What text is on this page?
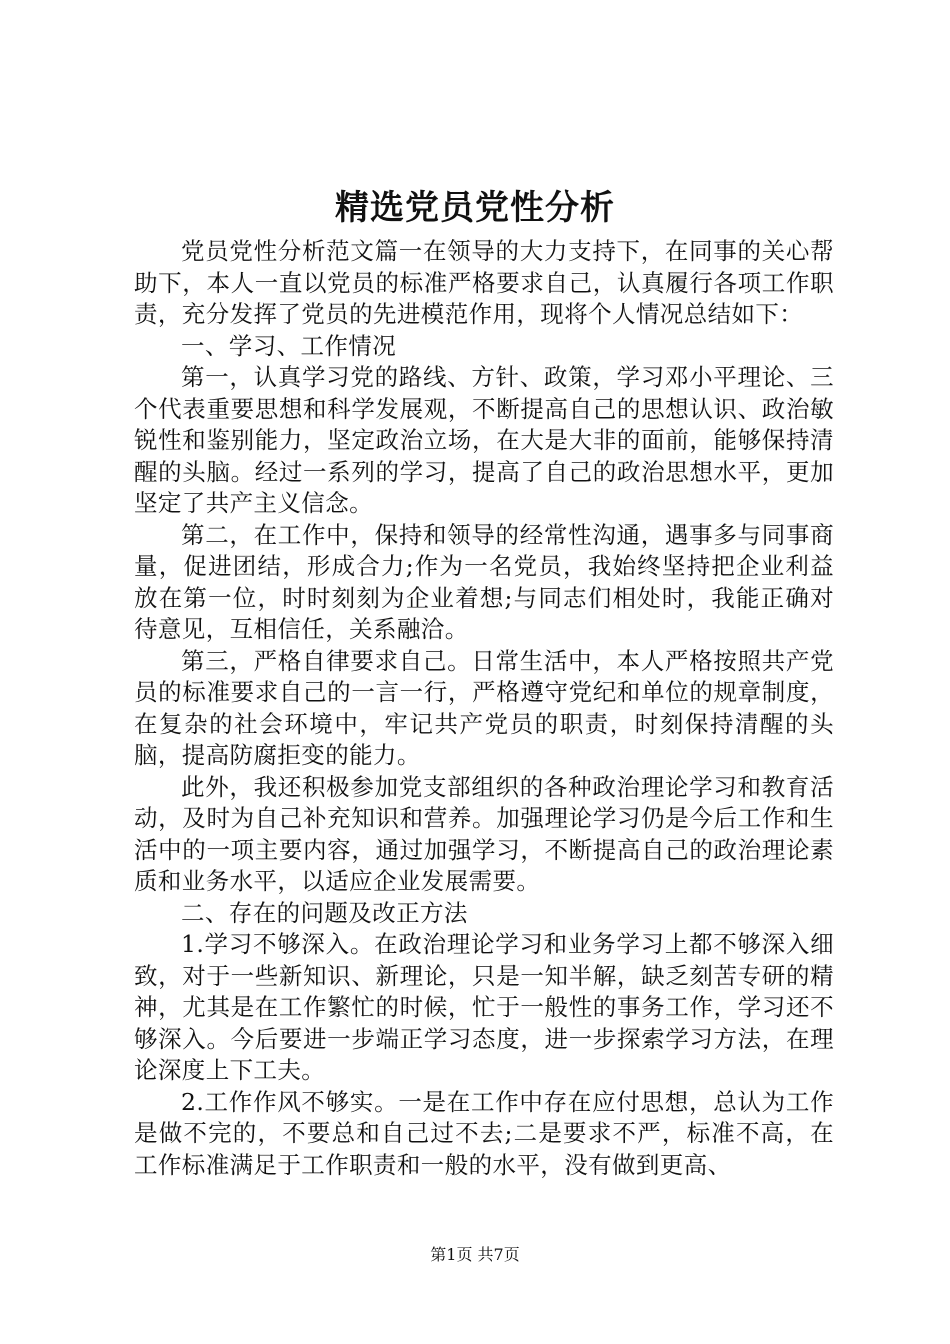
精选党员党性分析

党员党性分析范文篇一在领导的大力支持下，在同事的关心帮助下，本人一直以党员的标准严格要求自己，认真履行各项工作职责，充分发挥了党员的先进模范作用，现将个人情况总结如下：

一、学习、工作情况

第一，认真学习党的路线、方针、政策，学习邓小平理论、三个代表重要思想和科学发展观，不断提高自己的思想认识、政治敏锐性和鉴别能力，坚定政治立场，在大是大非的面前，能够保持清醒的头脑。经过一系列的学习，提高了自己的政治思想水平，更加坚定了共产主义信念。

第二，在工作中，保持和领导的经常性沟通，遇事多与同事商量，促进团结，形成合力;作为一名党员，我始终坚持把企业利益放在第一位，时时刻刻为企业着想;与同志们相处时，我能正确对待意见，互相信任，关系融洽。

第三，严格自律要求自己。日常生活中，本人严格按照共产党员的标准要求自己的一言一行，严格遵守党纪和单位的规章制度，在复杂的社会环境中，牢记共产党员的职责，时刻保持清醒的头脑，提高防腐拒变的能力。

此外，我还积极参加党支部组织的各种政治理论学习和教育活动，及时为自己补充知识和营养。加强理论学习仍是今后工作和生活中的一项主要内容，通过加强学习，不断提高自己的政治理论素质和业务水平，以适应企业发展需要。

二、存在的问题及改正方法

1.学习不够深入。在政治理论学习和业务学习上都不够深入细致，对于一些新知识、新理论，只是一知半解，缺乏刻苦专研的精神，尤其是在工作繁忙的时候，忙于一般性的事务工作，学习还不够深入。今后要进一步端正学习态度，进一步探索学习方法，在理论深度上下工夫。

2.工作作风不够实。一是在工作中存在应付思想，总认为工作是做不完的，不要总和自己过不去;二是要求不严，标准不高，在工作标准满足于工作职责和一般的水平，没有做到更高、

第1页 共7页
